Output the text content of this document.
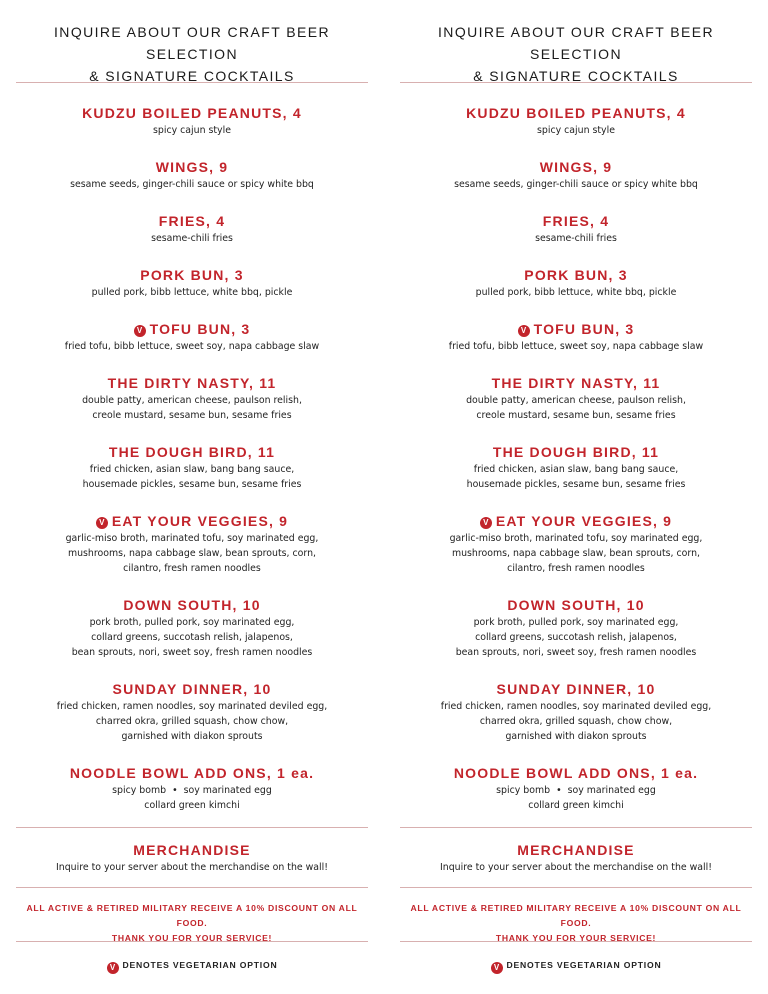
INQUIRE ABOUT OUR CRAFT BEER SELECTION
& SIGNATURE COCKTAILS
KUDZU BOILED PEANUTS, 4
spicy cajun style
WINGS, 9
sesame seeds, ginger-chili sauce or spicy white bbq
FRIES, 4
sesame-chili fries
PORK BUN, 3
pulled pork, bibb lettuce, white bbq, pickle
V TOFU BUN, 3
fried tofu, bibb lettuce, sweet soy, napa cabbage slaw
THE DIRTY NASTY, 11
double patty, american cheese, paulson relish,
creole mustard, sesame bun, sesame fries
THE DOUGH BIRD, 11
fried chicken, asian slaw, bang bang sauce,
housemade pickles, sesame bun, sesame fries
V EAT YOUR VEGGIES, 9
garlic-miso broth, marinated tofu, soy marinated egg,
mushrooms, napa cabbage slaw, bean sprouts, corn,
cilantro, fresh ramen noodles
DOWN SOUTH, 10
pork broth, pulled pork, soy marinated egg,
collard greens, succotash relish, jalapenos,
bean sprouts, nori, sweet soy, fresh ramen noodles
SUNDAY DINNER, 10
fried chicken, ramen noodles, soy marinated deviled egg,
charred okra, grilled squash, chow chow,
garnished with diakon sprouts
NOODLE BOWL ADD ONS, 1 ea.
spicy bomb • soy marinated egg
collard green kimchi
MERCHANDISE
Inquire to your server about the merchandise on the wall!
ALL ACTIVE & RETIRED MILITARY RECEIVE A 10% DISCOUNT ON ALL FOOD.
THANK YOU FOR YOUR SERVICE!
V DENOTES VEGETARIAN OPTION
INQUIRE ABOUT OUR CRAFT BEER SELECTION
& SIGNATURE COCKTAILS
KUDZU BOILED PEANUTS, 4
spicy cajun style
WINGS, 9
sesame seeds, ginger-chili sauce or spicy white bbq
FRIES, 4
sesame-chili fries
PORK BUN, 3
pulled pork, bibb lettuce, white bbq, pickle
V TOFU BUN, 3
fried tofu, bibb lettuce, sweet soy, napa cabbage slaw
THE DIRTY NASTY, 11
double patty, american cheese, paulson relish,
creole mustard, sesame bun, sesame fries
THE DOUGH BIRD, 11
fried chicken, asian slaw, bang bang sauce,
housemade pickles, sesame bun, sesame fries
V EAT YOUR VEGGIES, 9
garlic-miso broth, marinated tofu, soy marinated egg,
mushrooms, napa cabbage slaw, bean sprouts, corn,
cilantro, fresh ramen noodles
DOWN SOUTH, 10
pork broth, pulled pork, soy marinated egg,
collard greens, succotash relish, jalapenos,
bean sprouts, nori, sweet soy, fresh ramen noodles
SUNDAY DINNER, 10
fried chicken, ramen noodles, soy marinated deviled egg,
charred okra, grilled squash, chow chow,
garnished with diakon sprouts
NOODLE BOWL ADD ONS, 1 ea.
spicy bomb • soy marinated egg
collard green kimchi
MERCHANDISE
Inquire to your server about the merchandise on the wall!
ALL ACTIVE & RETIRED MILITARY RECEIVE A 10% DISCOUNT ON ALL FOOD.
THANK YOU FOR YOUR SERVICE!
V DENOTES VEGETARIAN OPTION
